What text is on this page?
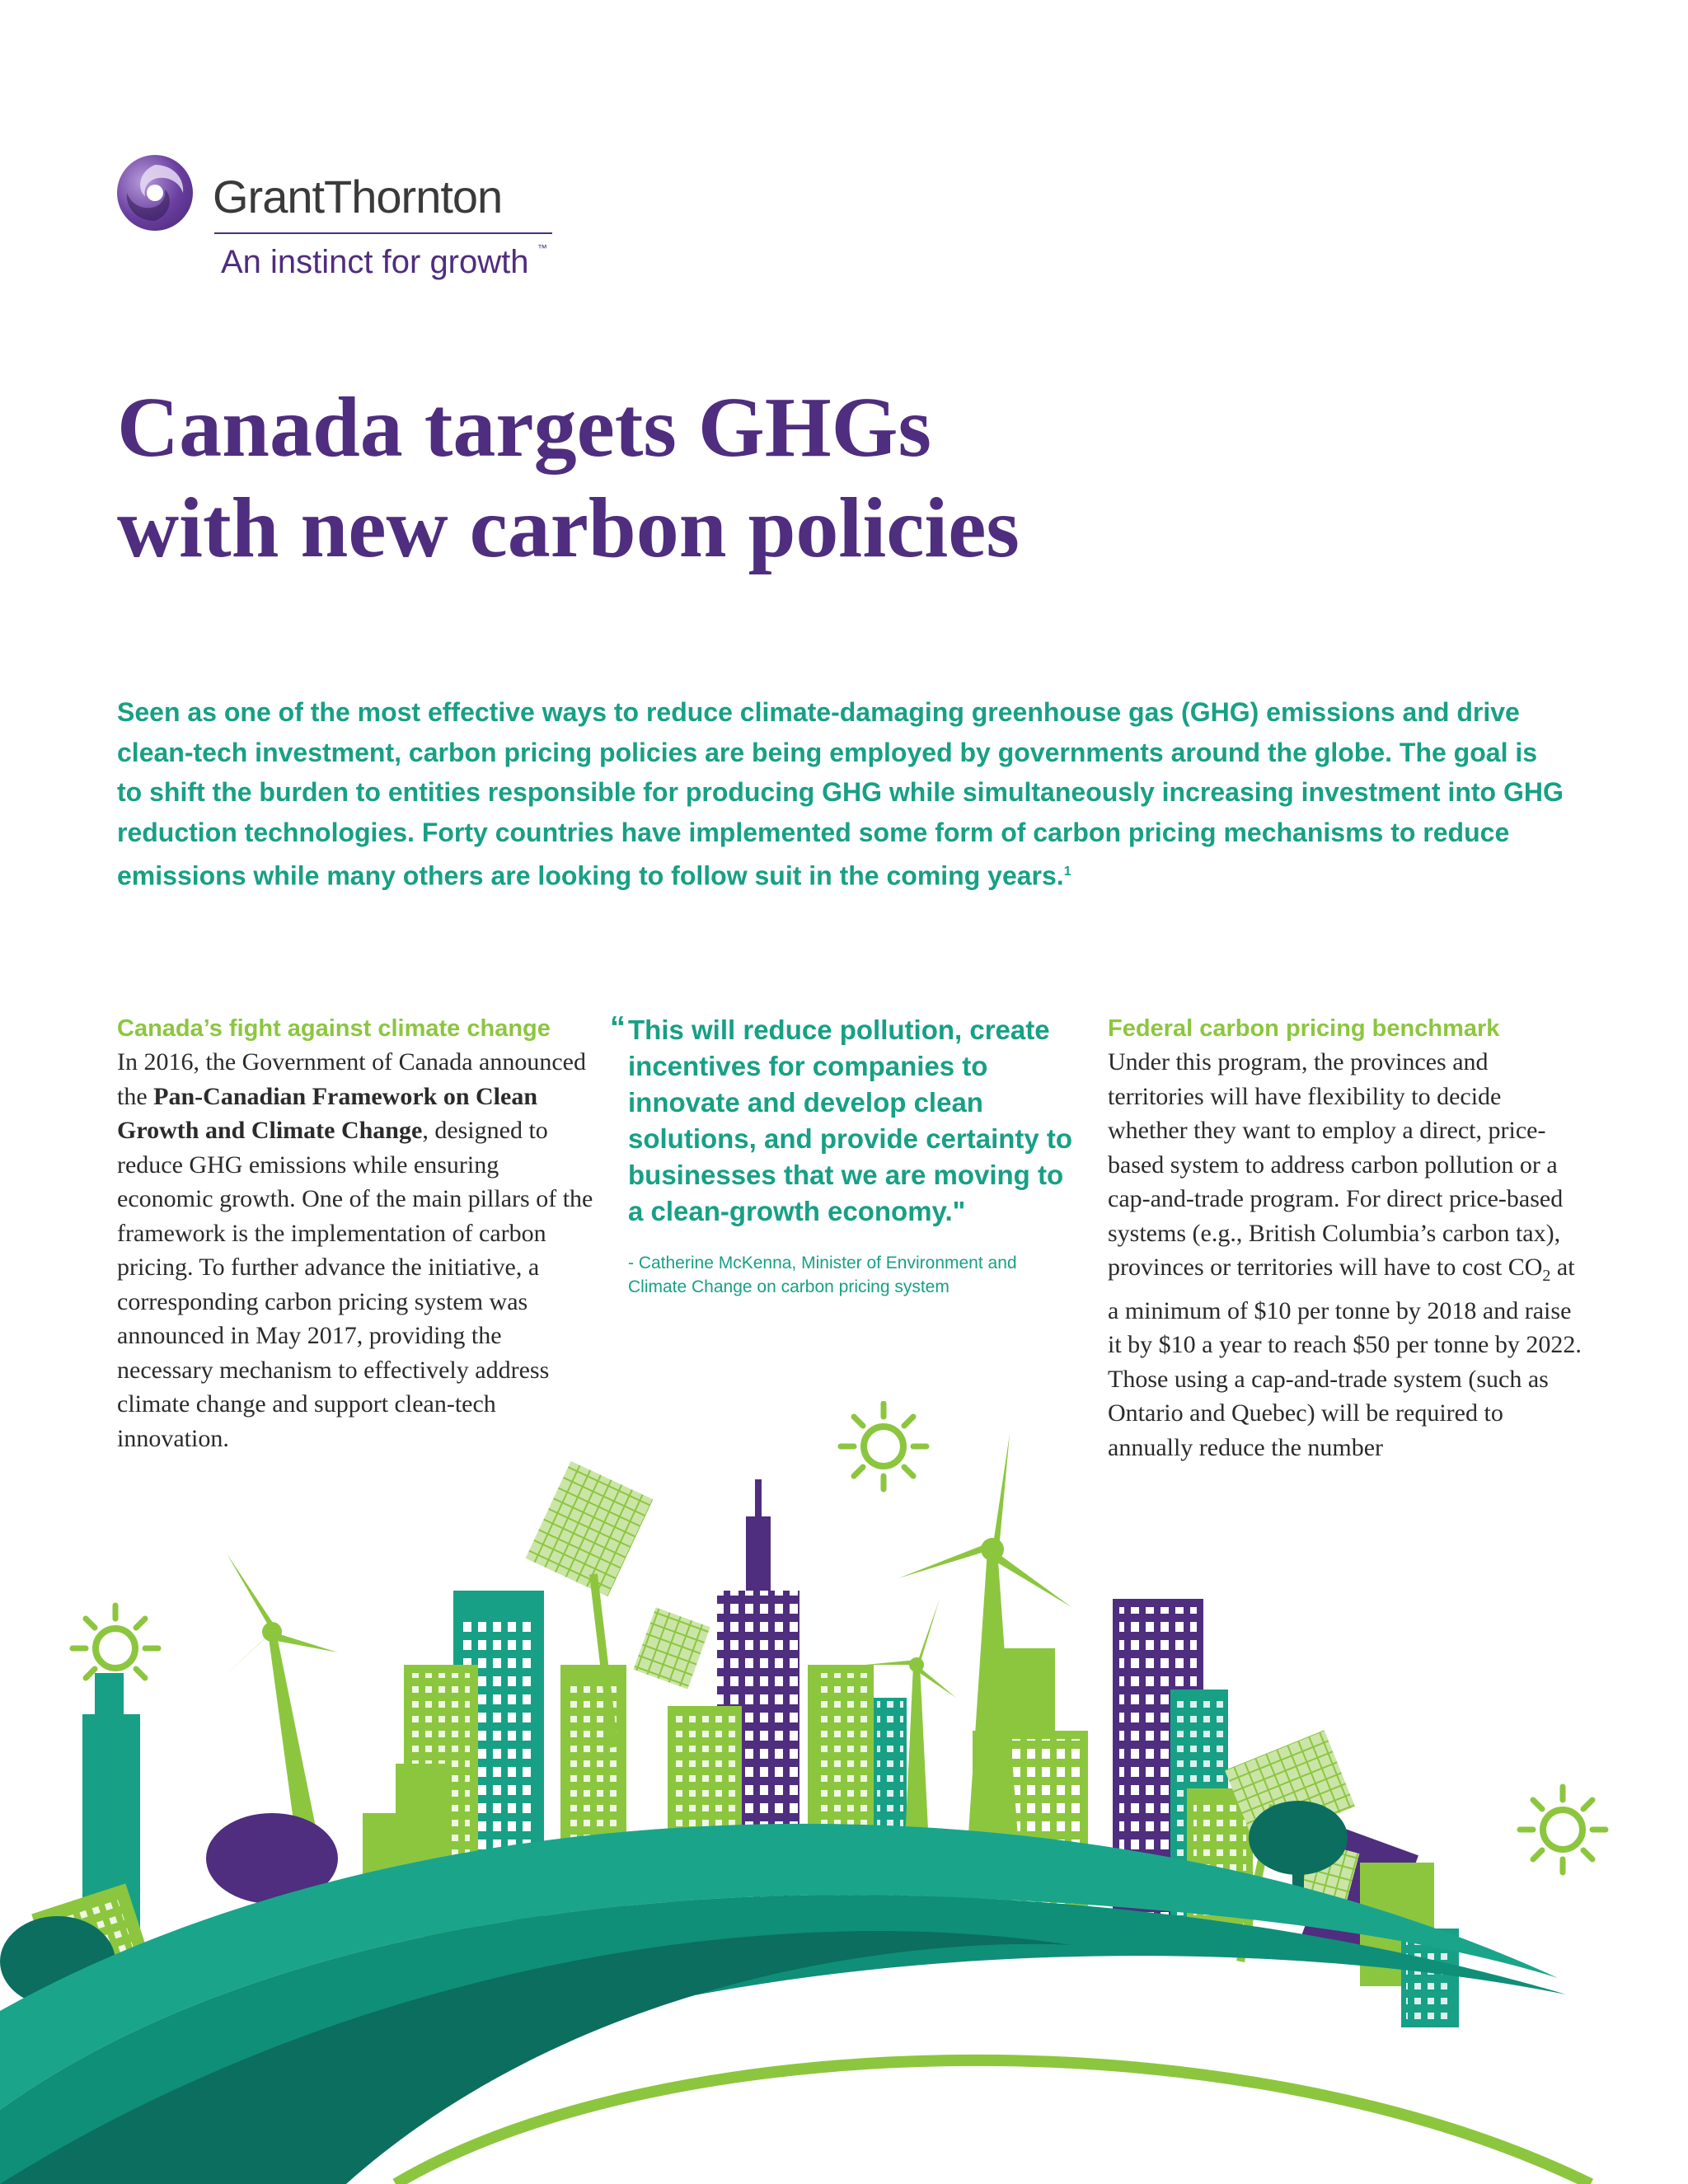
GrantThornton
An instinct for growth ™
Canada targets GHGs
with new carbon policies

Seen as one of the most effective ways to reduce climate-damaging greenhouse gas (GHG) emissions and drive clean-tech investment, carbon pricing policies are being employed by governments around the globe. The goal is to shift the burden to entities responsible for producing GHG while simultaneously increasing investment into GHG reduction technologies. Forty countries have implemented some form of carbon pricing mechanisms to reduce emissions while many others are looking to follow suit in the coming years.$^1$

Canada’s fight against climate change

In 2016, the Government of Canada announced the Pan-Canadian Framework on Clean Growth and Climate Change, designed to reduce GHG emissions while ensuring economic growth. One of the main pillars of the framework is the implementation of carbon pricing. To further advance the initiative, a corresponding carbon pricing system was announced in May 2017, providing the necessary mechanism to effectively address climate change and support clean-tech innovation.

“ This will reduce pollution, create incentives for companies to innovate and develop clean solutions, and provide certainty to businesses that we are moving to a clean-growth economy."

- Catherine McKenna, Minister of Environment and Climate Change on carbon pricing system

Federal carbon pricing benchmark

Under this program, the provinces and territories will have flexibility to decide whether they want to employ a direct, price-based system to address carbon pollution or a cap-and-trade program. For direct price-based systems (e.g., British Columbia’s carbon tax), provinces or territories will have to cost $CO_2$ at a minimum of $10 per tonne by 2018 and raise it by $10 a year to reach $50 per tonne by 2022. Those using a cap-and-trade system (such as Ontario and Quebec) will be required to annually reduce the number
